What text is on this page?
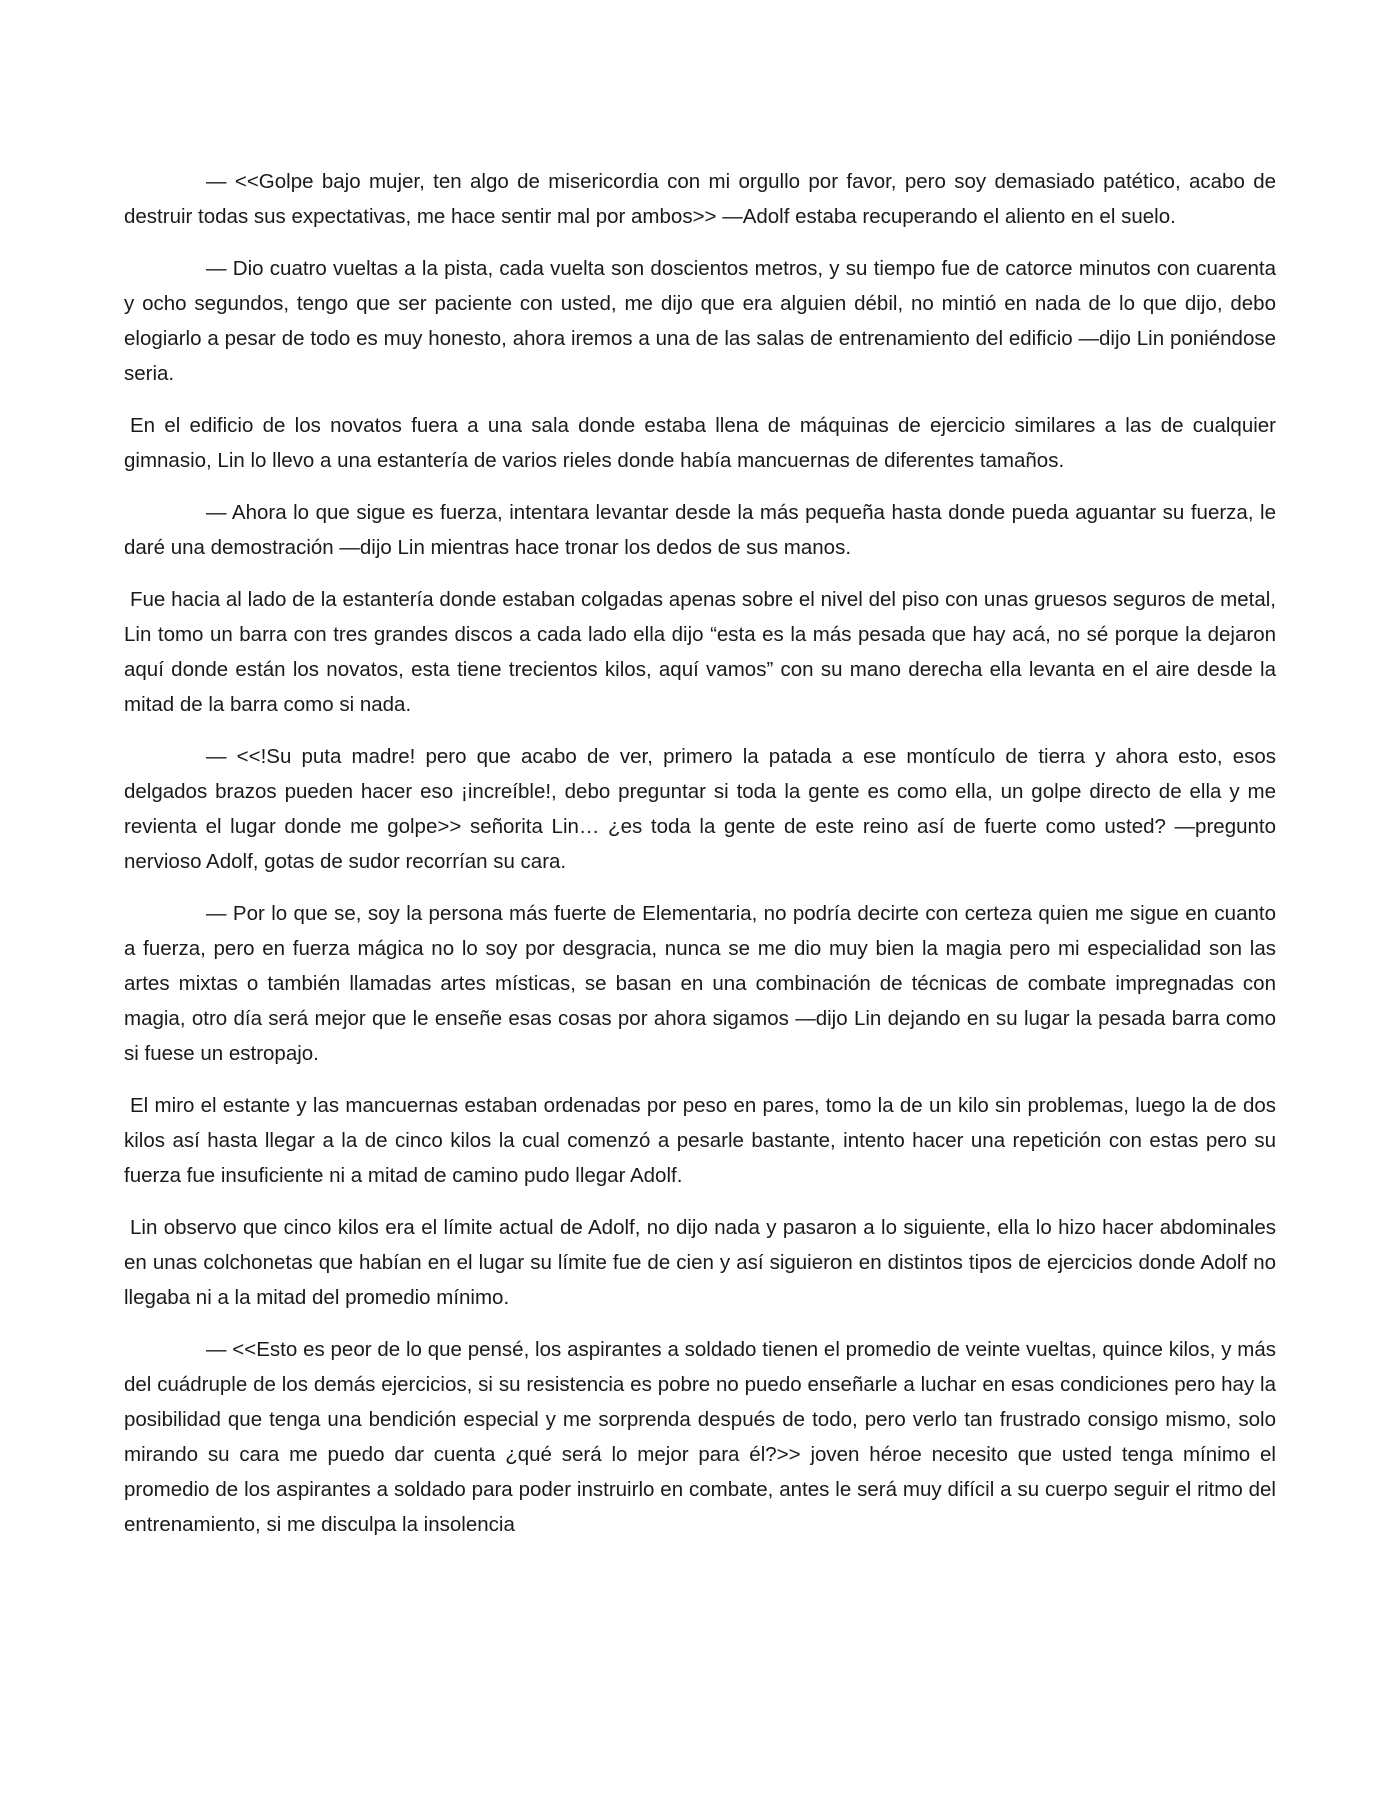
— <<Golpe bajo mujer, ten algo de misericordia con mi orgullo por favor, pero soy demasiado patético, acabo de destruir todas sus expectativas, me hace sentir mal por ambos>> —Adolf estaba recuperando el aliento en el suelo.

— Dio cuatro vueltas a la pista, cada vuelta son doscientos metros, y su tiempo fue de catorce minutos con cuarenta y ocho segundos, tengo que ser paciente con usted, me dijo que era alguien débil, no mintió en nada de lo que dijo, debo elogiarlo a pesar de todo es muy honesto, ahora iremos a una de las salas de entrenamiento del edificio —dijo Lin poniéndose seria.

En el edificio de los novatos fuera a una sala donde estaba llena de máquinas de ejercicio similares a las de cualquier gimnasio, Lin lo llevo a una estantería de varios rieles donde había mancuernas de diferentes tamaños.

— Ahora lo que sigue es fuerza, intentara levantar desde la más pequeña hasta donde pueda aguantar su fuerza, le daré una demostración —dijo Lin mientras hace tronar los dedos de sus manos.

Fue hacia al lado de la estantería donde estaban colgadas apenas sobre el nivel del piso con unas gruesos seguros de metal, Lin tomo un barra con tres grandes discos a cada lado ella dijo “esta es la más pesada que hay acá, no sé porque la dejaron aquí donde están los novatos, esta tiene trecientos kilos, aquí vamos” con su mano derecha ella levanta en el aire desde la mitad de la barra como si nada.

— <<!Su puta madre! pero que acabo de ver, primero la patada a ese montículo de tierra y ahora esto, esos delgados brazos pueden hacer eso ¡increíble!, debo preguntar si toda la gente es como ella, un golpe directo de ella y me revienta el lugar donde me golpe>> señorita Lin… ¿es toda la gente de este reino así de fuerte como usted? —pregunto nervioso Adolf, gotas de sudor recorrían su cara.

— Por lo que se, soy la persona más fuerte de Elementaria, no podría decirte con certeza quien me sigue en cuanto a fuerza, pero en fuerza mágica no lo soy por desgracia, nunca se me dio muy bien la magia pero mi especialidad son las artes mixtas o también llamadas artes místicas, se basan en una combinación de técnicas de combate impregnadas con magia, otro día será mejor que le enseñe esas cosas por ahora sigamos —dijo Lin dejando en su lugar la pesada barra como si fuese un estropajo.

El miro el estante y las mancuernas estaban ordenadas por peso en pares, tomo la de un kilo sin problemas, luego la de dos kilos así hasta llegar a la de cinco kilos la cual comenzó a pesarle bastante, intento hacer una repetición con estas pero su fuerza fue insuficiente ni a mitad de camino pudo llegar Adolf.

Lin observo que cinco kilos era el límite actual de Adolf, no dijo nada y pasaron a lo siguiente, ella lo hizo hacer abdominales en unas colchonetas que habían en el lugar su límite fue de cien y así siguieron en distintos tipos de ejercicios donde Adolf no llegaba ni a la mitad del promedio mínimo.

— <<Esto es peor de lo que pensé, los aspirantes a soldado tienen el promedio de veinte vueltas, quince kilos, y más del cuádruple de los demás ejercicios, si su resistencia es pobre no puedo enseñarle a luchar en esas condiciones pero hay la posibilidad que tenga una bendición especial y me sorprenda después de todo, pero verlo tan frustrado consigo mismo, solo mirando su cara me puedo dar cuenta ¿qué será lo mejor para él?>> joven héroe necesito que usted tenga mínimo el promedio de los aspirantes a soldado para poder instruirlo en combate, antes le será muy difícil a su cuerpo seguir el ritmo del entrenamiento, si me disculpa la insolencia
